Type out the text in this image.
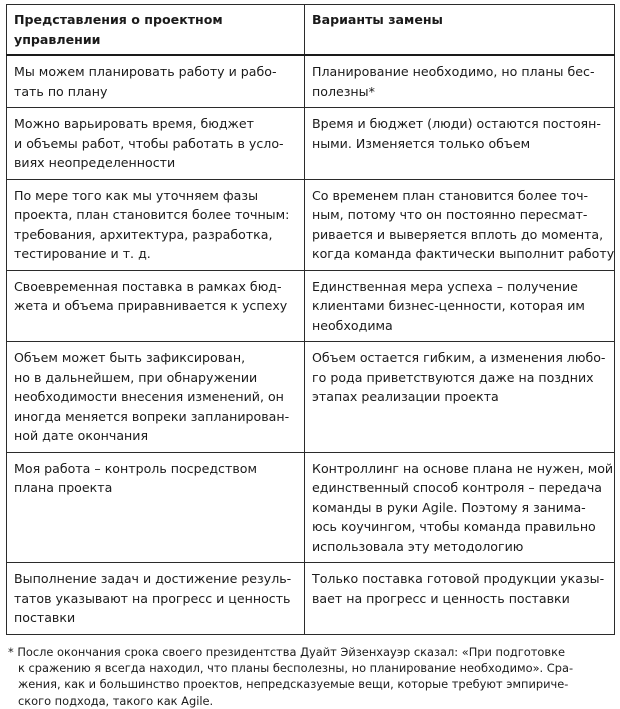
Представления о проектном управлении	Варианты замены

Мы можем планировать работу и рабо-
тать по плану	Планирование необходимо, но планы бес-
полезны*

Можно варьировать время, бюджет
и объемы работ, чтобы работать в усло-
виях неопределенности	Время и бюджет (люди) остаются постоян-
ными. Изменяется только объем

По мере того как мы уточняем фазы
проекта, план становится более точным:
требования, архитектура, разработка,
тестирование и т. д.	Со временем план становится более точ-
ным, потому что он постоянно пересмат-
ривается и выверяется вплоть до момента,
когда команда фактически выполнит работу

Своевременная поставка в рамках бюд-
жета и объема приравнивается к успеху	Единственная мера успеха – получение
клиентами бизнес-ценности, которая им
необходима

Объем может быть зафиксирован,
но в дальнейшем, при обнаружении
необходимости внесения изменений, он
иногда меняется вопреки запланирован-
ной дате окончания	Объем остается гибким, а изменения любо-
го рода приветствуются даже на поздних
этапах реализации проекта

Моя работа – контроль посредством
плана проекта	Контроллинг на основе плана не нужен, мой
единственный способ контроля – передача
команды в руки Agile. Поэтому я занима-
юсь коучингом, чтобы команда правильно
использовала эту методологию

Выполнение задач и достижение резуль-
татов указывают на прогресс и ценность
поставки	Только поставка готовой продукции указы-
вает на прогресс и ценность поставки
* После окончания срока своего президентства Дуайт Эйзенхауэр сказал: «При подготовке
к сражению я всегда находил, что планы бесполезны, но планирование необходимо». Сра-
жения, как и большинство проектов, непредсказуемые вещи, которые требуют эмпириче-
ского подхода, такого как Agile.
